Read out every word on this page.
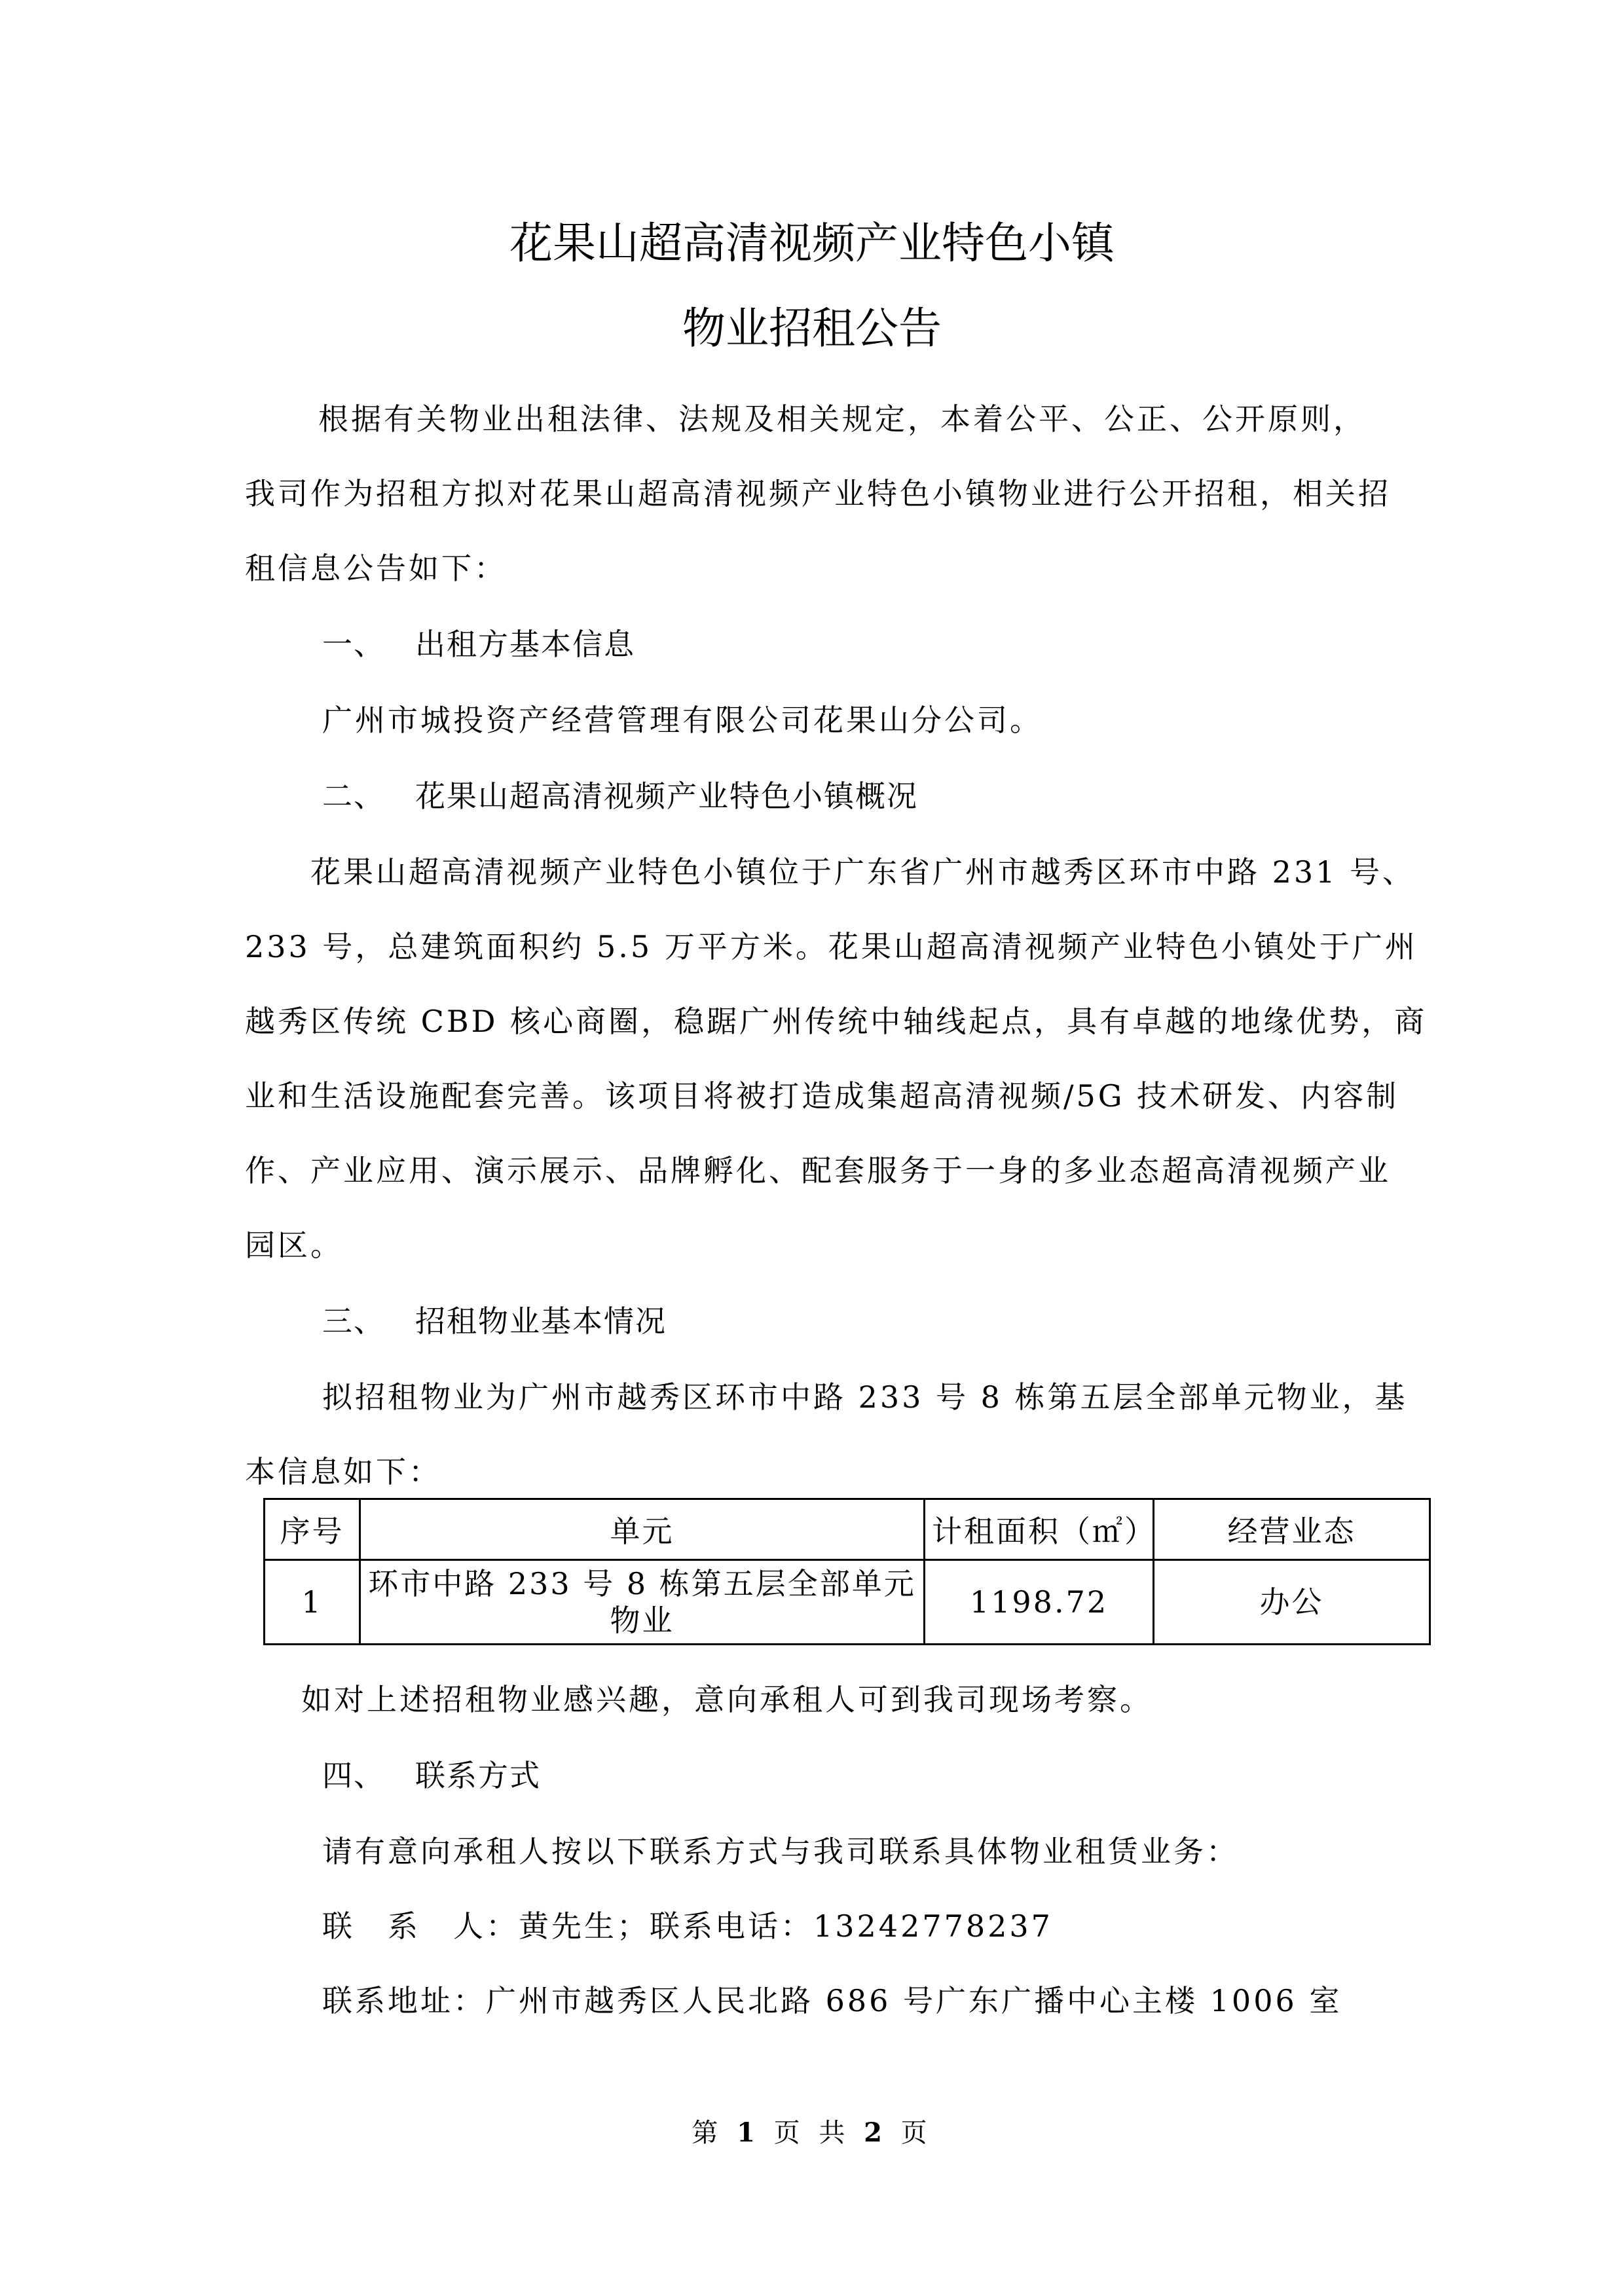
花果山超高清视频产业特色小镇
物业招租公告
根据有关物业出租法律、法规及相关规定，本着公平、公正、公开原则，
我司作为招租方拟对花果山超高清视频产业特色小镇物业进行公开招租，相关招
租信息公告如下：
一、 出租方基本信息
广州市城投资产经营管理有限公司花果山分公司。
二、 花果山超高清视频产业特色小镇概况
花果山超高清视频产业特色小镇位于广东省广州市越秀区环市中路 231 号、
233 号，总建筑面积约 5.5 万平方米。花果山超高清视频产业特色小镇处于广州
越秀区传统 CBD 核心商圈，稳踞广州传统中轴线起点，具有卓越的地缘优势，商
业和生活设施配套完善。该项目将被打造成集超高清视频/5G 技术研发、内容制
作、产业应用、演示展示、品牌孵化、配套服务于一身的多业态超高清视频产业
园区。
三、 招租物业基本情况
拟招租物业为广州市越秀区环市中路 233 号 8 栋第五层全部单元物业，基
本信息如下：
序号	单元	计租面积（㎡）	经营业态
1	环市中路 233 号 8 栋第五层全部单元物业	1198.72	办公
如对上述招租物业感兴趣，意向承租人可到我司现场考察。
四、 联系方式
请有意向承租人按以下联系方式与我司联系具体物业租赁业务：
联　系　人：黄先生；联系电话：13242778237
联系地址：广州市越秀区人民北路 686 号广东广播中心主楼 1006 室
第 1 页 共 2 页
